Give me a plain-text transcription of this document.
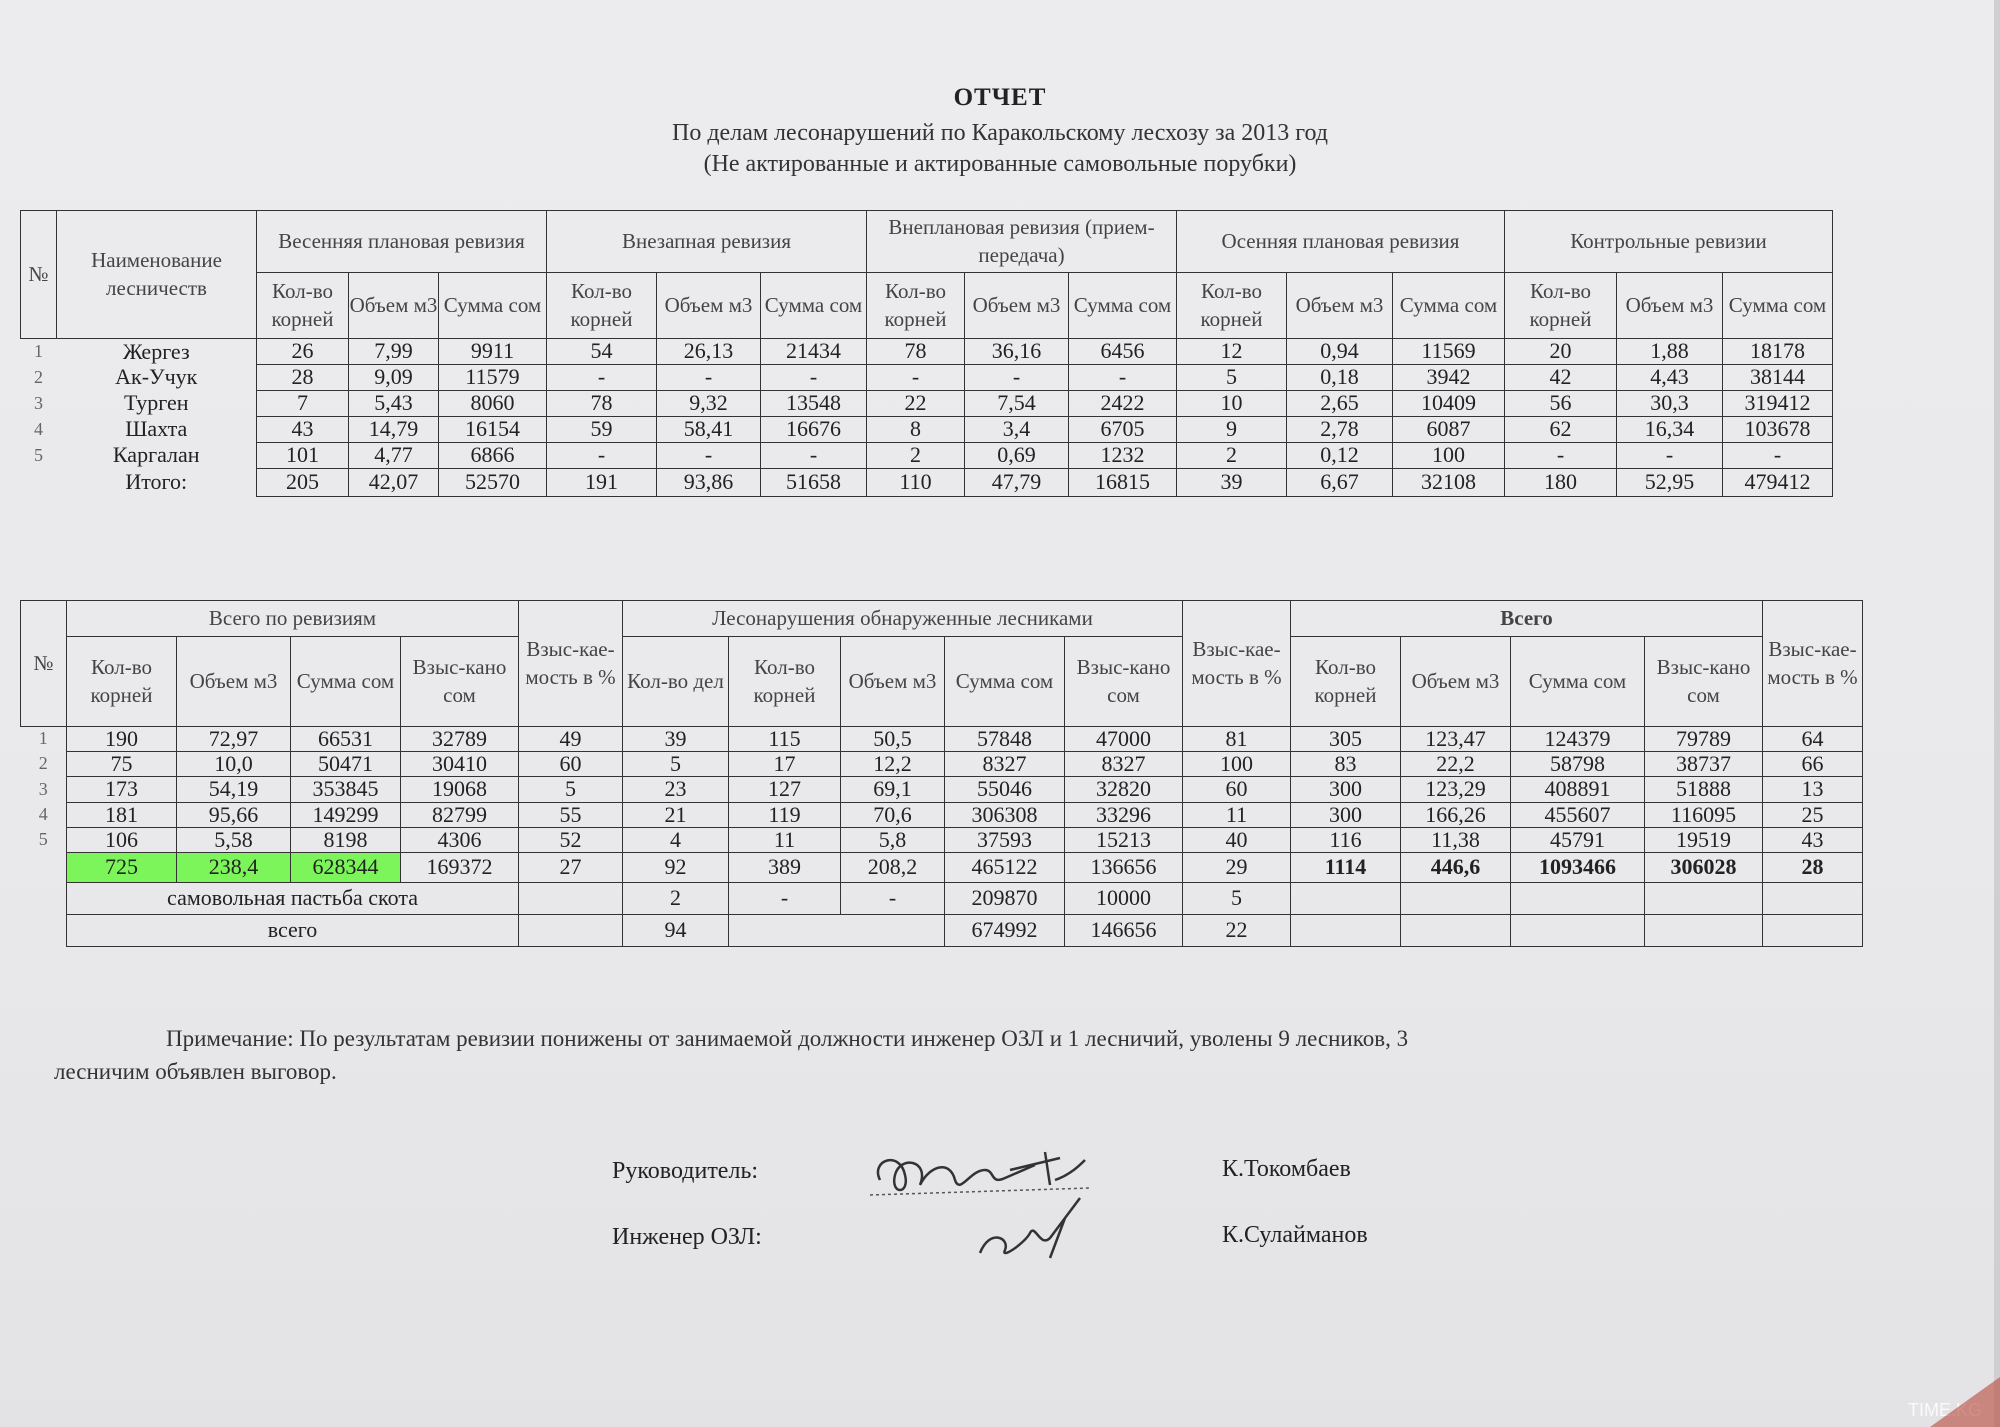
ОТЧЕТ
По делам лесонарушений по Каракольскому лесхозу за 2013 год
(Не актированные и актированные самовольные порубки)
№	Наименование лесничеств	Весенняя плановая ревизия			Внезапная ревизия			Внеплановая ревизия (прием-передача)			Осенняя плановая ревизия			Контрольные ревизии		
		Кол-во корней	Объем м3	Сумма сом	Кол-во корней	Объем м3	Сумма сом	Кол-во корней	Объем м3	Сумма сом	Кол-во корней	Объем м3	Сумма сом	Кол-во корней	Объем м3	Сумма сом
1	Жергез	26	7,99	9911	54	26,13	21434	78	36,16	6456	12	0,94	11569	20	1,88	18178
2	Ак-Учук	28	9,09	11579	-	-	-	-	-	-	5	0,18	3942	42	4,43	38144
3	Турген	7	5,43	8060	78	9,32	13548	22	7,54	2422	10	2,65	10409	56	30,3	319412
4	Шахта	43	14,79	16154	59	58,41	16676	8	3,4	6705	9	2,78	6087	62	16,34	103678
5	Каргалан	101	4,77	6866	-	-	-	2	0,69	1232	2	0,12	100	-	-	-
	Итого:	205	42,07	52570	191	93,86	51658	110	47,79	16815	39	6,67	32108	180	52,95	479412
№	Всего по ревизиям				Взыс-кае-мость в %	Лесонарушения обнаруженные лесниками					Взыс-кае-мость в %	Всего				Взыс-кае-мость в %
	Кол-во корней	Объем м3	Сумма сом	Взыс-кано сом		Кол-во дел	Кол-во корней	Объем м3	Сумма сом	Взыс-кано сом		Кол-во корней	Объем м3	Сумма сом	Взыс-кано сом	
1	190	72,97	66531	32789	49	39	115	50,5	57848	47000	81	305	123,47	124379	79789	64
2	75	10,0	50471	30410	60	5	17	12,2	8327	8327	100	83	22,2	58798	38737	66
3	173	54,19	353845	19068	5	23	127	69,1	55046	32820	60	300	123,29	408891	51888	13
4	181	95,66	149299	82799	55	21	119	70,6	306308	33296	11	300	166,26	455607	116095	25
5	106	5,58	8198	4306	52	4	11	5,8	37593	15213	40	116	11,38	45791	19519	43
	725	238,4	628344	169372	27	92	389	208,2	465122	136656	29	1114	446,6	1093466	306028	28
	самовольная пастьба скота					2	-	-	209870	10000	5					
	всего					94			674992	146656	22					
Примечание: По результатам ревизии понижены от занимаемой должности инженер ОЗЛ и 1 лесничий, уволены 9 лесников, 3
лесничим объявлен выговор.
Руководитель:	К.Токомбаев
Инженер ОЗЛ:	К.Сулайманов
TIME.KG
